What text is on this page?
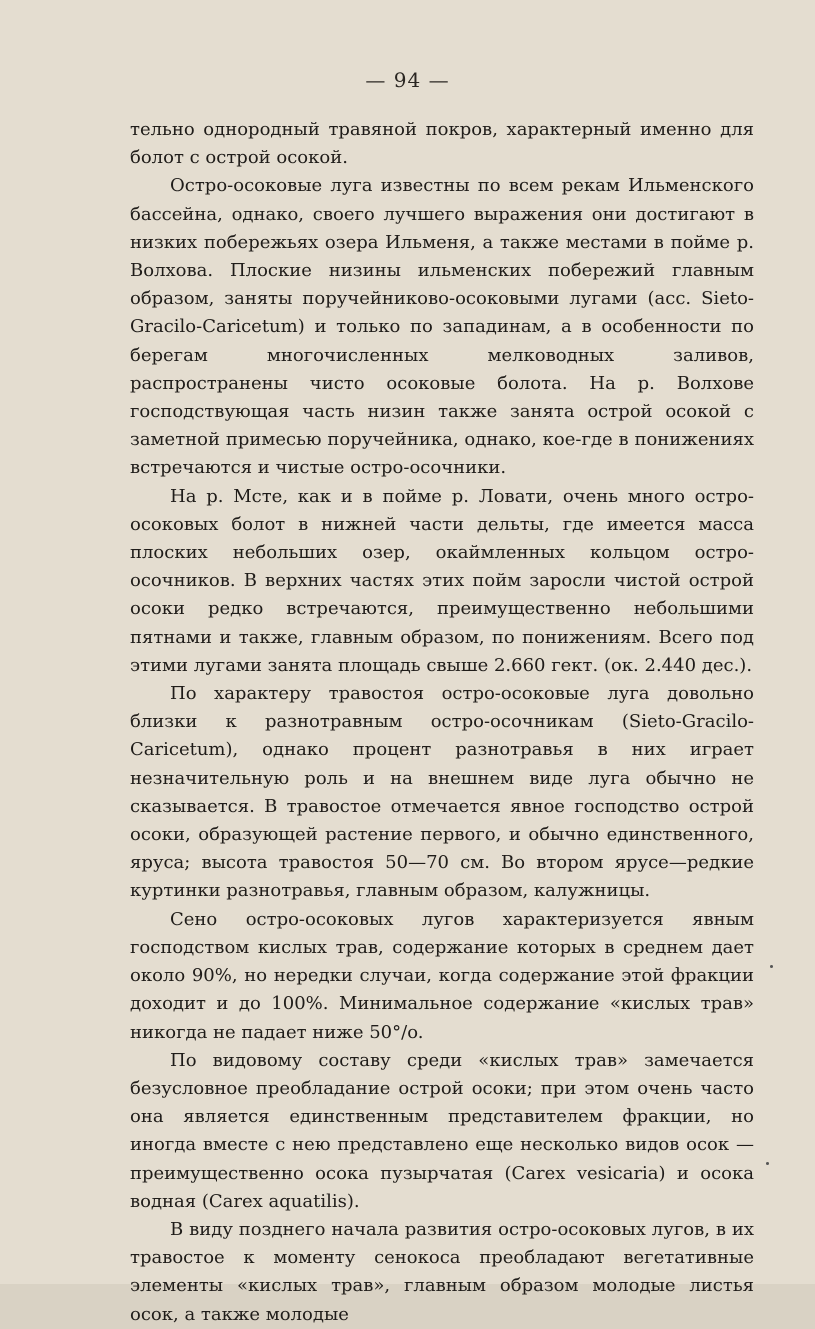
— 94 —

тельно однородный травяной покров, характерный именно для болот с острой осокой.

Остро-осоковые луга известны по всем рекам Ильменского бассейна, однако, своего лучшего выражения они достигают в низких побережьях озера Ильменя, а также местами в пойме р. Волхова. Плоские низины ильменских побережий главным образом, заняты поручейниково-осоковыми лугами (асс. Sieto-Gracilo-Caricetum) и только по западинам, а в особенности по берегам многочисленных мелководных заливов, распространены чисто осоковые болота. На р. Волхове господствующая часть низин также занята острой осокой с заметной примесью поручейника, однако, кое-где в понижениях встречаются и чистые остро-осочники.

На р. Мсте, как и в пойме р. Ловати, очень много остро-осоковых болот в нижней части дельты, где имеется масса плоских небольших озер, окаймленных кольцом остро-осочников. В верхних частях этих пойм заросли чистой острой осоки редко встречаются, преимущественно небольшими пятнами и также, главным образом, по понижениям. Всего под этими лугами занята площадь свыше 2.660 гект. (ок. 2.440 дес.).

По характеру травостоя остро-осоковые луга довольно близки к разнотравным остро-осочникам (Sieto-Gracilo-Caricetum), однако процент разнотравья в них играет незначительную роль и на внешнем виде луга обычно не сказывается. В травостое отмечается явное господство острой осоки, образующей растение первого, и обычно единственного, яруса; высота травостоя 50—70 см. Во втором ярусе—редкие куртинки разнотравья, главным образом, калужницы.

Сено остро-осоковых лугов характеризуется явным господством кислых трав, содержание которых в среднем дает около 90%, но нередки случаи, когда содержание этой фракции доходит и до 100%. Минимальное содержание «кислых трав» никогда не падает ниже 50°/o.

По видовому составу среди «кислых трав» замечается безусловное преобладание острой осоки; при этом очень часто она является единственным представителем фракции, но иногда вместе с нею представлено еще несколько видов осок — преимущественно осока пузырчатая (Carex vesicaria) и осока водная (Carex aquatilis).

В виду позднего начала развития остро-осоковых лугов, в их травостое к моменту сенокоса преобладают вегетативные элементы «кислых трав», главным образом молодые листья осок, а также молодые
